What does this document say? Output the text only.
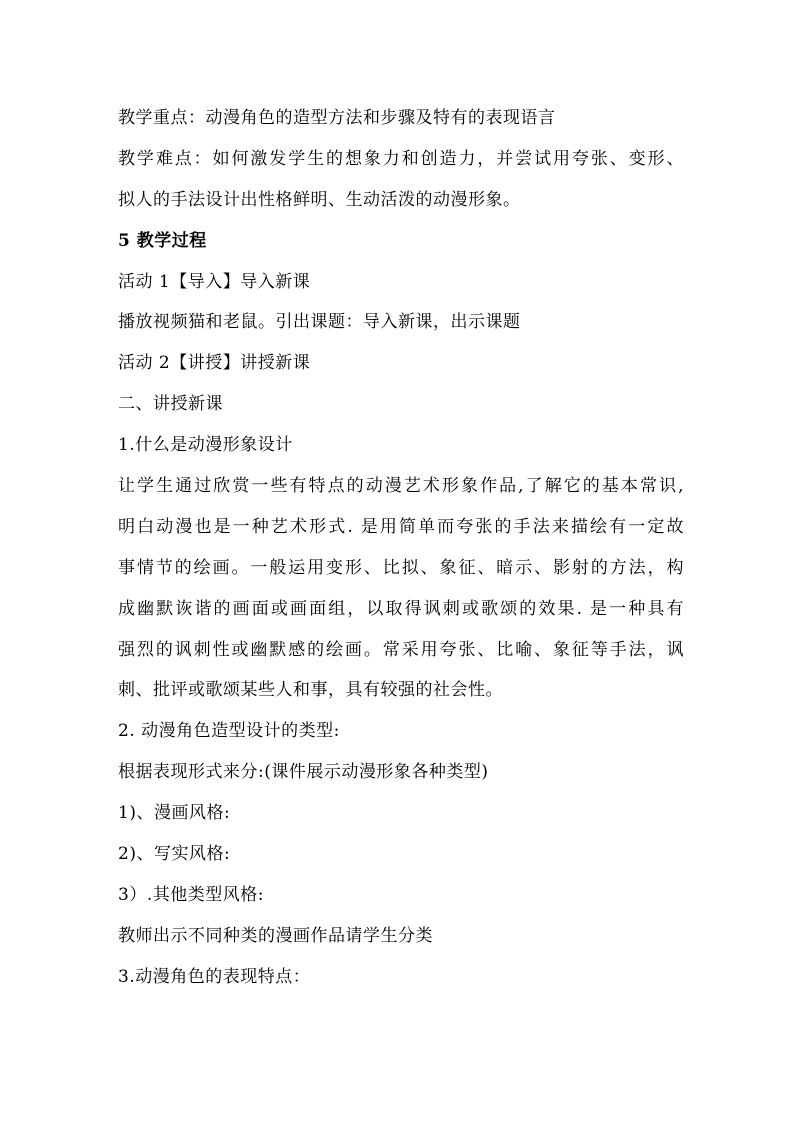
教学重点：动漫角色的造型方法和步骤及特有的表现语言
教学难点：如何激发学生的想象力和创造力，并尝试用夸张、变形、
拟人的手法设计出性格鲜明、生动活泼的动漫形象。
5 教学过程
活动 1【导入】导入新课
播放视频猫和老鼠。引出课题：导入新课，出示课题
活动 2【讲授】讲授新课
二、讲授新课
1.什么是动漫形象设计
让学生通过欣赏一些有特点的动漫艺术形象作品,了解它的基本常识,
明白动漫也是一种艺术形式. 是用简单而夸张的手法来描绘有一定故
事情节的绘画。一般运用变形、比拟、象征、暗示、影射的方法，构
成幽默诙谐的画面或画面组，以取得讽刺或歌颂的效果. 是一种具有
强烈的讽刺性或幽默感的绘画。常采用夸张、比喻、象征等手法，讽
刺、批评或歌颂某些人和事，具有较强的社会性。
2. 动漫角色造型设计的类型:
根据表现形式来分:(课件展示动漫形象各种类型)
1)、漫画风格:
2)、写实风格:
3）.其他类型风格:
教师出示不同种类的漫画作品请学生分类
3.动漫角色的表现特点：
